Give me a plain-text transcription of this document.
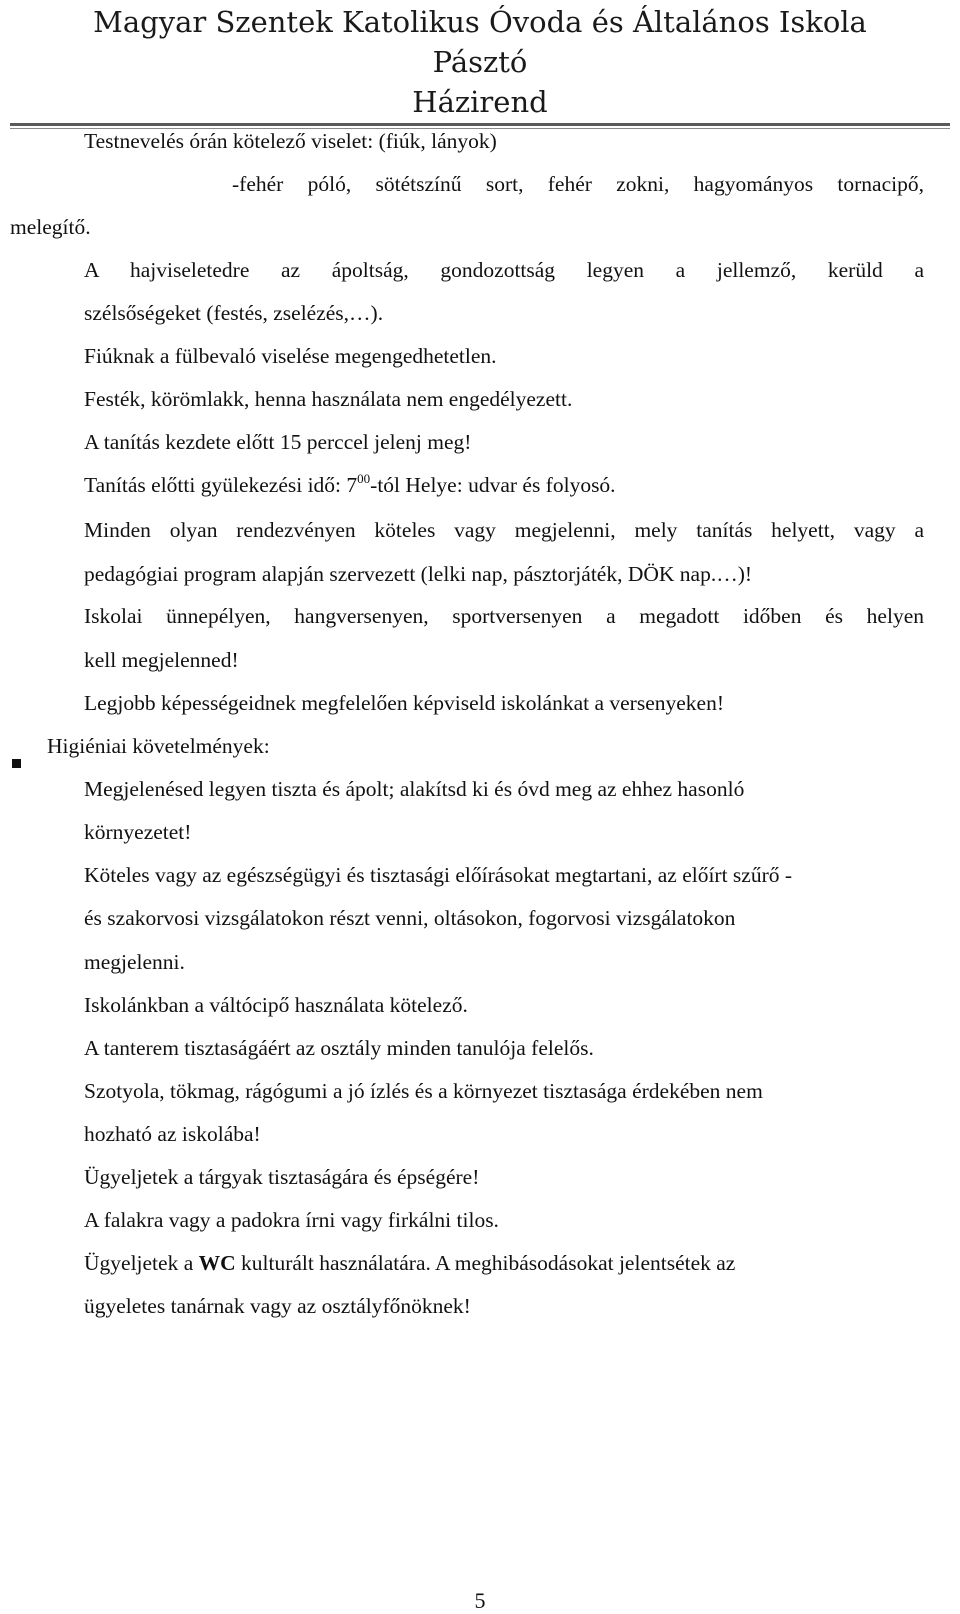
Magyar Szentek Katolikus Óvoda és Általános Iskola
Pásztó
Házirend
Testnevelés órán kötelező viselet: (fiúk, lányok)
-fehér póló, sötétszínű sort, fehér zokni, hagyományos tornacipő,
melegítő.
A hajviseletedre az ápoltság, gondozottság legyen a jellemző, kerüld a
szélsőségeket (festés, zselézés,…).
Fiúknak a fülbevaló viselése megengedhetetlen.
Festék, körömlakk, henna használata nem engedélyezett.
A tanítás kezdete előtt 15 perccel jelenj meg!
Tanítás előtti gyülekezési idő: $7^{00}$-tól Helye: udvar és folyosó.
Minden olyan rendezvényen köteles vagy megjelenni, mely tanítás helyett, vagy a
pedagógiai program alapján szervezett (lelki nap, pásztorjáték, DÖK nap.…)!
Iskolai ünnepélyen, hangversenyen, sportversenyen a megadott időben és helyen
kell megjelenned!
Legjobb képességeidnek megfelelően képviseld iskolánkat a versenyeken!
Higiéniai követelmények:
Megjelenésed legyen tiszta és ápolt; alakítsd ki és óvd meg az ehhez hasonló
környezetet!
Köteles vagy az egészségügyi és tisztasági előírásokat megtartani, az előírt szűrő -
és szakorvosi vizsgálatokon részt venni, oltásokon, fogorvosi vizsgálatokon
megjelenni.
Iskolánkban a váltócipő használata kötelező.
A tanterem tisztaságáért az osztály minden tanulója felelős.
Szotyola, tökmag, rágógumi a jó ízlés és a környezet tisztasága érdekében nem
hozható az iskolába!
Ügyeljetek a tárgyak tisztaságára és épségére!
A falakra vagy a padokra írni vagy firkálni tilos.
Ügyeljetek a WC kulturált használatára. A meghibásodásokat jelentsétek az
ügyeletes tanárnak vagy az osztályfőnöknek!
5
